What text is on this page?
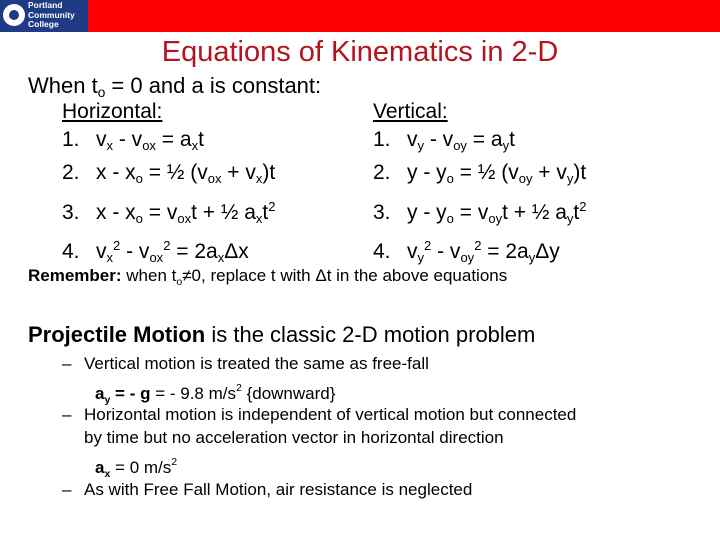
Portland
Community
College
Equations of Kinematics in 2-D
When $t_o = 0$ and a is constant:
Horizontal:
1. $v_x - v_{ox} = a_xt$
2. x - $x_o$ = ½ $(v_{ox} + v_x)t$
3. $x - x_o = v_{ox}t$ + ½ $a_xt^2$
4. $v_x^2 - v_{ox}^2 = 2a_x\Delta x$
Vertical:
1. $v_y - v_{oy} = a_yt$
2. y - $y_o$ = ½ $(v_{oy} + v_y)t$
3. $y - y_o = v_{oy}t$ + ½ $a_yt^2$
4. $v_y^2 - v_{oy}^2 = 2a_y\Delta y$
Remember: when $t_o\ne 0$, replace t with Δt in the above equations
Projectile Motion is the classic 2-D motion problem
– Vertical motion is treated the same as free-fall
$a_y$ = - g = - 9.8 $m/s^2$ {downward}
– Horizontal motion is independent of vertical motion but connected
by time but no acceleration vector in horizontal direction
$a_x = 0$ $m/s^2$
– As with Free Fall Motion, air resistance is neglected
